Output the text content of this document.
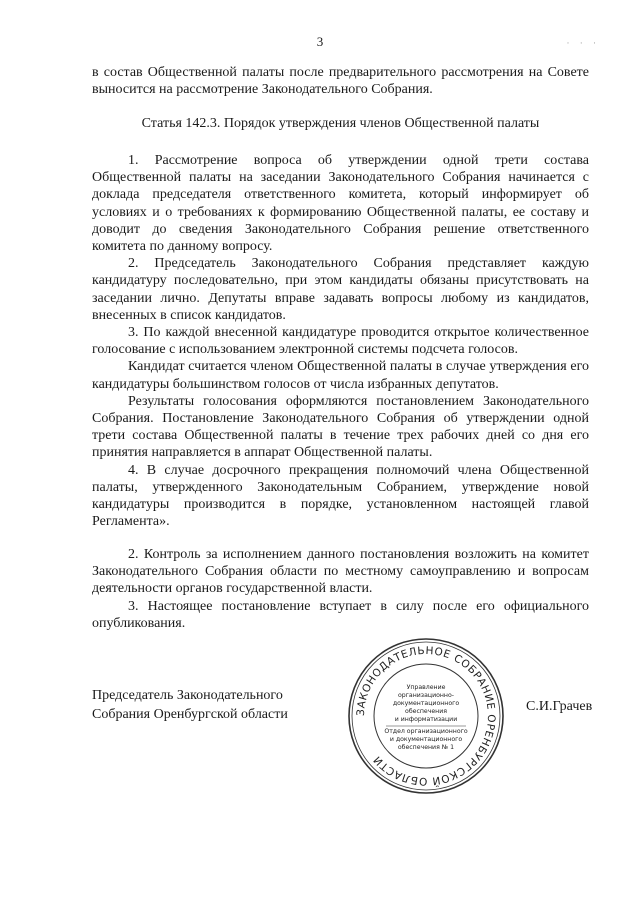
3	· · ·

в состав Общественной палаты после предварительного рассмотрения на Совете выносится на рассмотрение Законодательного Собрания.

Статья 142.3. Порядок утверждения членов Общественной палаты

1. Рассмотрение вопроса об утверждении одной трети состава Общественной палаты на заседании Законодательного Собрания начинается с доклада председателя ответственного комитета, который информирует об условиях и о требованиях к формированию Общественной палаты, ее составу и доводит до сведения Законодательного Собрания решение ответственного комитета по данному вопросу.

2. Председатель Законодательного Собрания представляет каждую кандидатуру последовательно, при этом кандидаты обязаны присутствовать на заседании лично. Депутаты вправе задавать вопросы любому из кандидатов, внесенных в список кандидатов.

3. По каждой внесенной кандидатуре проводится открытое количественное голосование с использованием электронной системы подсчета голосов.

Кандидат считается членом Общественной палаты в случае утверждения его кандидатуры большинством голосов от числа избранных депутатов.

Результаты голосования оформляются постановлением Законодательного Собрания. Постановление Законодательного Собрания об утверждении одной трети состава Общественной палаты в течение трех рабочих дней со дня его принятия направляется в аппарат Общественной палаты.

4. В случае досрочного прекращения полномочий члена Общественной палаты, утвержденного Законодательным Собранием, утверждение новой кандидатуры производится в порядке, установленном настоящей главой Регламента».

2. Контроль за исполнением данного постановления возложить на комитет Законодательного Собрания области по местному самоуправлению и вопросам деятельности органов государственной власти.

3. Настоящее постановление вступает в силу после его официального опубликования.

Председатель Законодательного
Собрания Оренбургской области	ЗАКОНОДАТЕЛЬНОЕ СОБРАНИЕ ОРЕНБУРГСКОЙ ОБЛАСТИ
Управление
организационно-
документационного
обеспечения
и информатизации
Отдел организационного
и документационного
обеспечения № 1
С.И.Грачев
